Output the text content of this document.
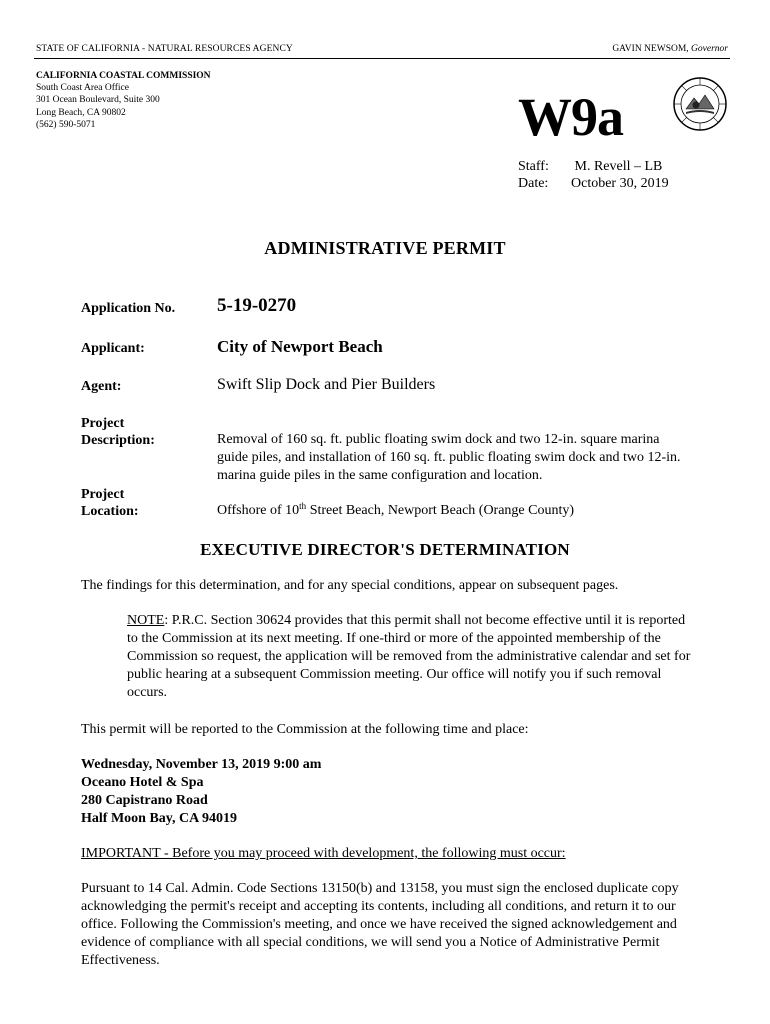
STATE OF CALIFORNIA - NATURAL RESOURCES AGENCY	GAVIN NEWSOM, Governor
CALIFORNIA COASTAL COMMISSION
South Coast Area Office
301 Ocean Boulevard, Suite 300
Long Beach, CA 90802
(562) 590-5071	W9a
Staff: M. Revell – LB
Date: October 30, 2019
ADMINISTRATIVE PERMIT
Application No. 5-19-0270
Applicant:	City of Newport Beach
Agent:	Swift Slip Dock and Pier Builders
Project
Description:	Removal of 160 sq. ft. public floating swim dock and two 12-in. square marina guide piles, and installation of 160 sq. ft. public floating swim dock and two 12-in. marina guide piles in the same configuration and location.
Project
Location:	Offshore of 10th Street Beach, Newport Beach (Orange County)
EXECUTIVE DIRECTOR'S DETERMINATION
The findings for this determination, and for any special conditions, appear on subsequent pages.
NOTE: P.R.C. Section 30624 provides that this permit shall not become effective until it is reported to the Commission at its next meeting. If one-third or more of the appointed membership of the Commission so request, the application will be removed from the administrative calendar and set for public hearing at a subsequent Commission meeting. Our office will notify you if such removal occurs.
This permit will be reported to the Commission at the following time and place:
Wednesday, November 13, 2019 9:00 am
Oceano Hotel & Spa
280 Capistrano Road
Half Moon Bay, CA 94019
IMPORTANT - Before you may proceed with development, the following must occur:
Pursuant to 14 Cal. Admin. Code Sections 13150(b) and 13158, you must sign the enclosed duplicate copy acknowledging the permit's receipt and accepting its contents, including all conditions, and return it to our office. Following the Commission's meeting, and once we have received the signed acknowledgement and evidence of compliance with all special conditions, we will send you a Notice of Administrative Permit Effectiveness.
